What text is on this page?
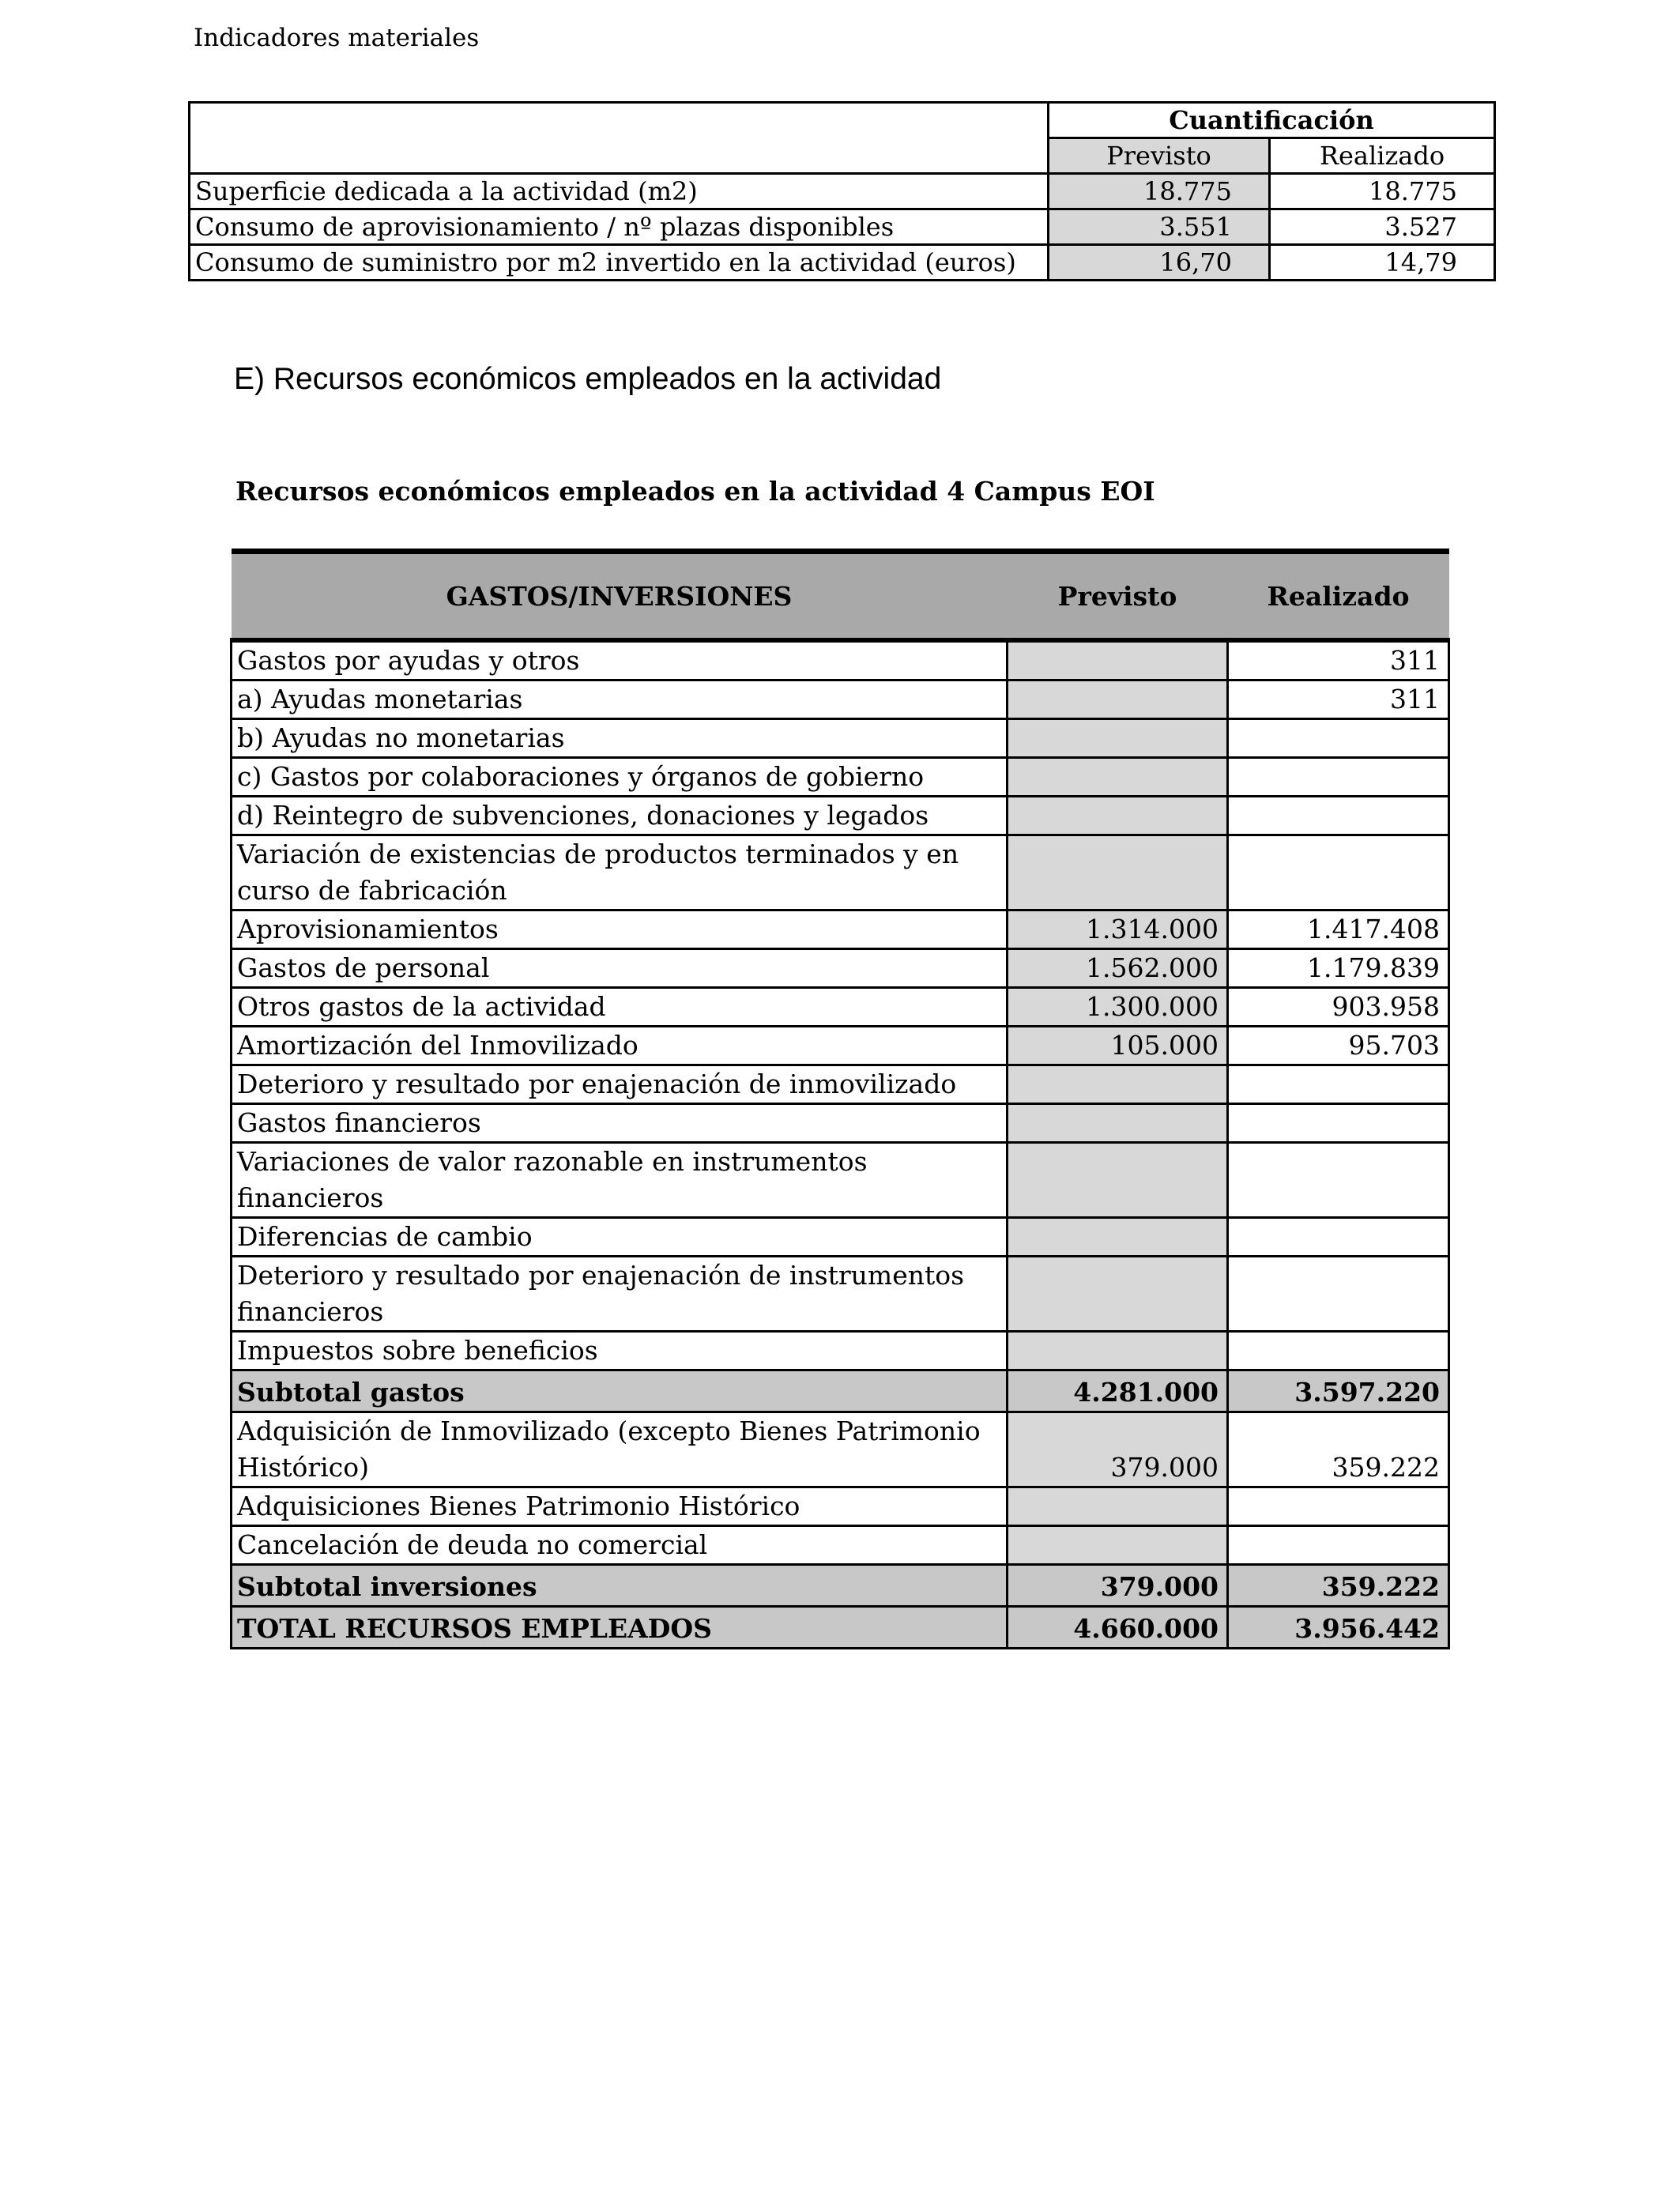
Indicadores materiales
	Cuantificación	
	Previsto	Realizado
Superficie dedicada a la actividad (m2)	18.775	18.775
Consumo de aprovisionamiento / nº plazas disponibles	3.551	3.527
Consumo de suministro por m2 invertido en la actividad (euros)	16,70	14,79
E) Recursos económicos empleados en la actividad
Recursos económicos empleados en la actividad 4 Campus EOI
GASTOS/INVERSIONES	Previsto	Realizado
Gastos por ayudas y otros		311
a) Ayudas monetarias		311
b) Ayudas no monetarias		
c) Gastos por colaboraciones y órganos de gobierno		
d) Reintegro de subvenciones, donaciones y legados		
Variación de existencias de productos terminados y en curso de fabricación		
Aprovisionamientos	1.314.000	1.417.408
Gastos de personal	1.562.000	1.179.839
Otros gastos de la actividad	1.300.000	903.958
Amortización del Inmovilizado	105.000	95.703
Deterioro y resultado por enajenación de inmovilizado		
Gastos financieros		
Variaciones de valor razonable en instrumentos financieros		
Diferencias de cambio		
Deterioro y resultado por enajenación de instrumentos financieros		
Impuestos sobre beneficios		
Subtotal gastos	4.281.000	3.597.220
Adquisición de Inmovilizado (excepto Bienes Patrimonio Histórico)	379.000	359.222
Adquisiciones Bienes Patrimonio Histórico		
Cancelación de deuda no comercial		
Subtotal inversiones	379.000	359.222
TOTAL RECURSOS EMPLEADOS	4.660.000	3.956.442
